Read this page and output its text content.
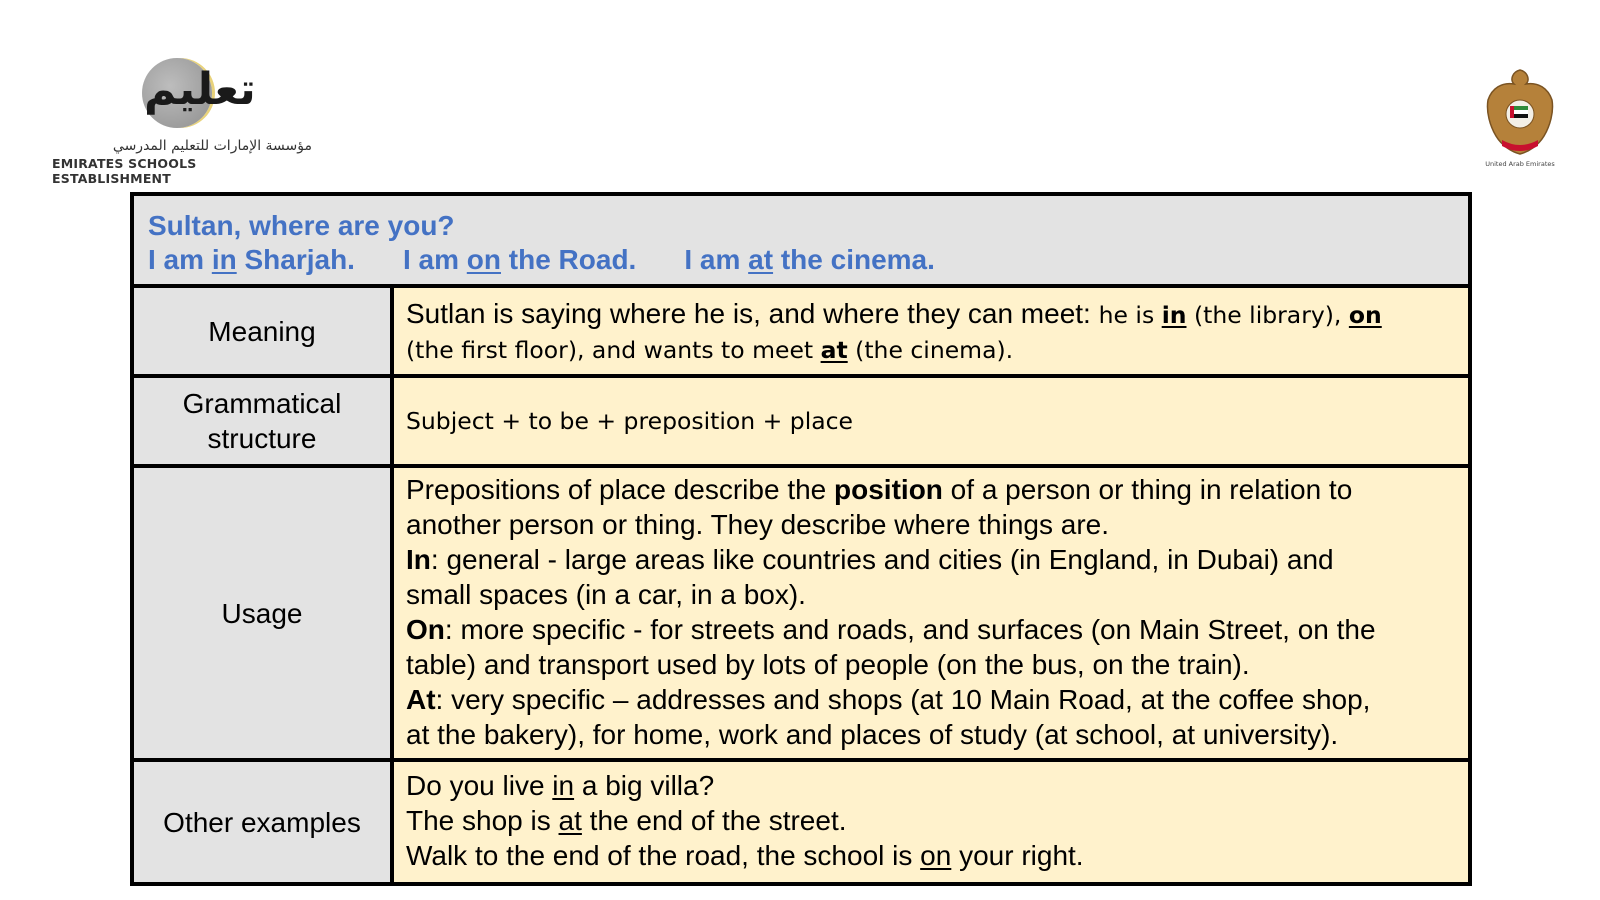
تعليم
مؤسسة الإمارات للتعليم المدرسي
EMIRATES SCHOOLS ESTABLISHMENT
United Arab Emirates
Sultan, where are you?
I am in Sharjah. I am on the Road. I am at the cinema.
Meaning

Sutlan is saying where he is, and where they can meet: he is in (the library), on

(the first floor), and wants to meet at (the cinema).

Grammatical
structure

Subject + to be + preposition + place

Usage

Prepositions of place describe the position of a person or thing in relation to

another person or thing. They describe where things are.

In: general - large areas like countries and cities (in England, in Dubai) and

small spaces (in a car, in a box).

On: more specific - for streets and roads, and surfaces (on Main Street, on the

table) and transport used by lots of people (on the bus, on the train).

At: very specific – addresses and shops (at 10 Main Road, at the coffee shop,

at the bakery), for home, work and places of study (at school, at university).

Other examples

Do you live in a big villa?

The shop is at the end of the street.

Walk to the end of the road, the school is on your right.
